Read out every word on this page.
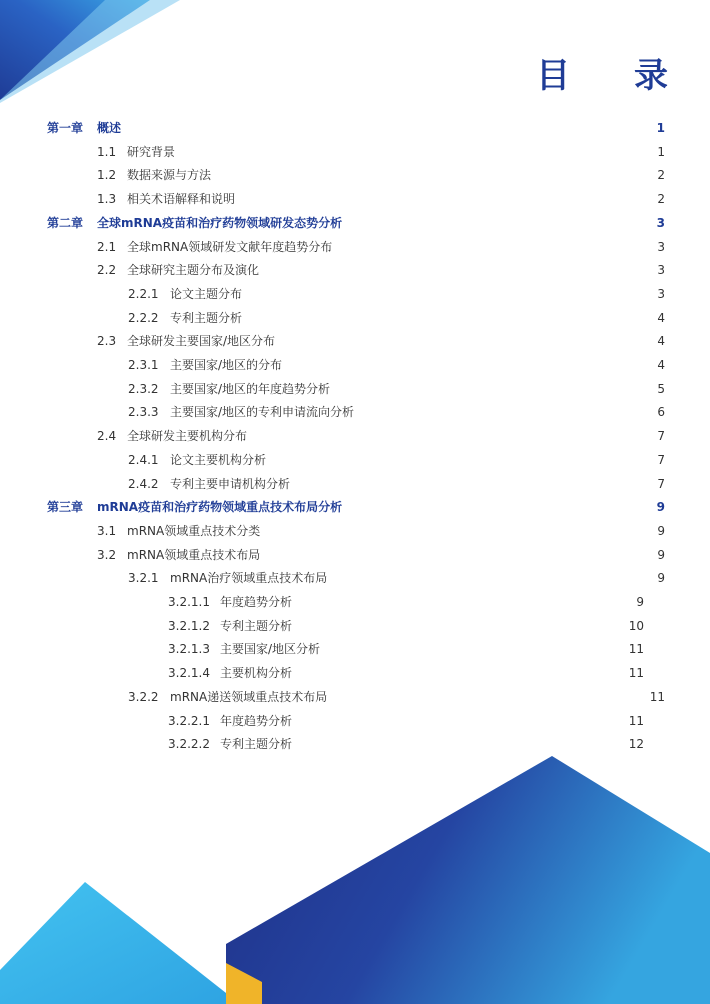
目 录
第一章	概述	1
1.1 研究背景	1
1.2 数据来源与方法	2
1.3 相关术语解释和说明	2
第二章	全球mRNA疫苗和治疗药物领域研发态势分析	3
2.1 全球mRNA领域研发文献年度趋势分布	3
2.2 全球研究主题分布及演化	3
2.2.1 论文主题分布	3
2.2.2 专利主题分析	4
2.3 全球研发主要国家/地区分布	4
2.3.1 主要国家/地区的分布	4
2.3.2 主要国家/地区的年度趋势分析	5
2.3.3 主要国家/地区的专利申请流向分析	6
2.4 全球研发主要机构分布	7
2.4.1 论文主要机构分析	7
2.4.2 专利主要申请机构分析	7
第三章	mRNA疫苗和治疗药物领域重点技术布局分析	9
3.1 mRNA领域重点技术分类	9
3.2 mRNA领域重点技术布局	9
3.2.1 mRNA治疗领域重点技术布局	9
3.2.1.1 年度趋势分析	9
3.2.1.2 专利主题分析	10
3.2.1.3 主要国家/地区分析	11
3.2.1.4 主要机构分析	11
3.2.2 mRNA递送领域重点技术布局	11
3.2.2.1 年度趋势分析	11
3.2.2.2 专利主题分析	12
